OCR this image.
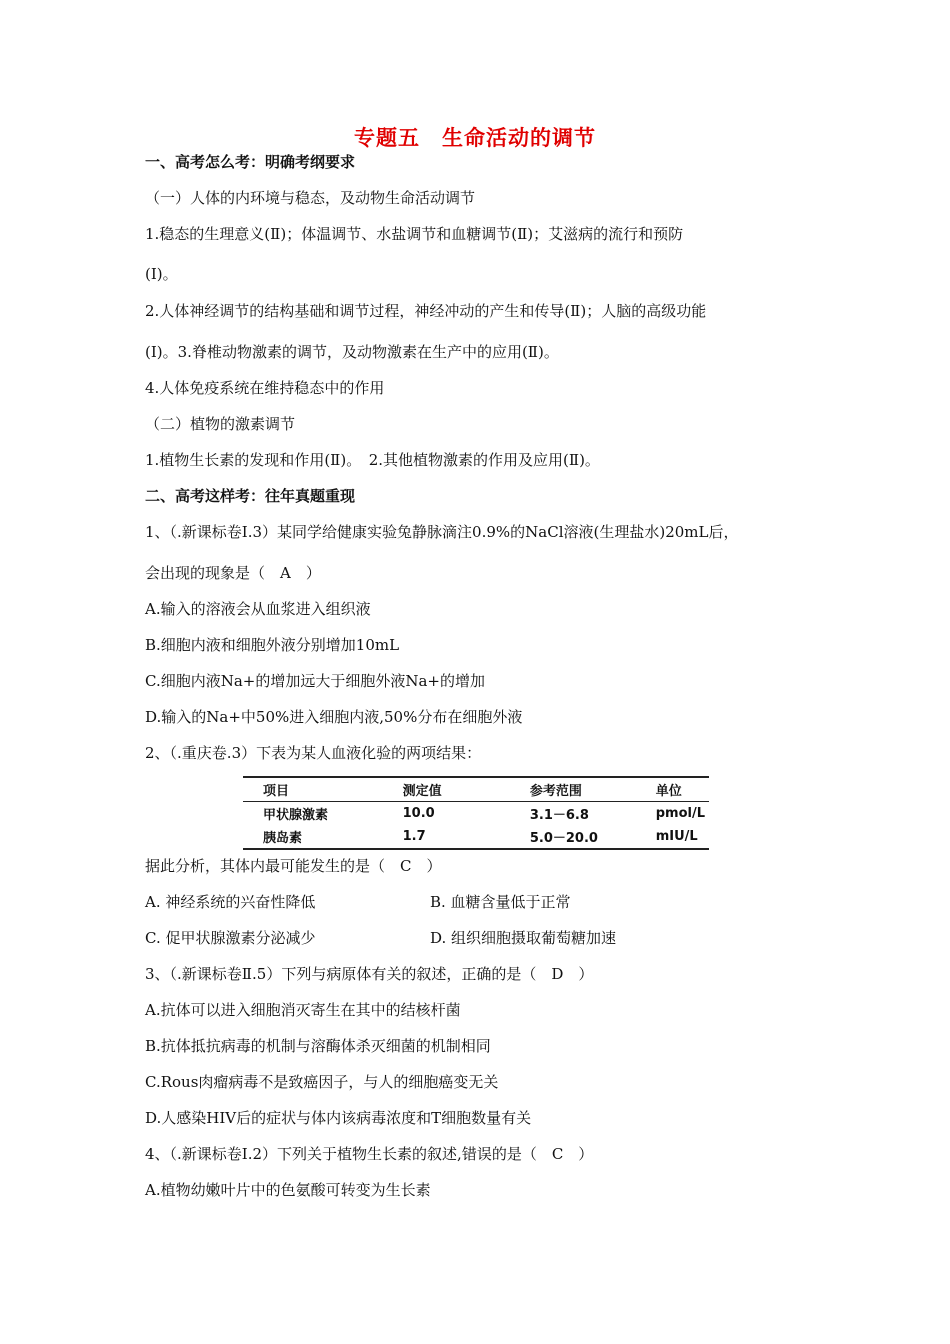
专题五　生命活动的调节
一、高考怎么考：明确考纲要求
（一）人体的内环境与稳态，及动物生命活动调节
1.稳态的生理意义(Ⅱ)；体温调节、水盐调节和血糖调节(Ⅱ)；艾滋病的流行和预防
(Ⅰ)。
2.人体神经调节的结构基础和调节过程，神经冲动的产生和传导(Ⅱ)；人脑的高级功能
(Ⅰ)。3.脊椎动物激素的调节，及动物激素在生产中的应用(Ⅱ)。
4.人体免疫系统在维持稳态中的作用
（二）植物的激素调节
1.植物生长素的发现和作用(Ⅱ)。　2.其他植物激素的作用及应用(Ⅱ)。
二、高考这样考：往年真题重现
1、（.新课标卷Ⅰ.3）某同学给健康实验兔静脉滴注0.9%的NaCl溶液(生理盐水)20mL后，
会出现的现象是（　A　）
A.输入的溶液会从血浆进入组织液
B.细胞内液和细胞外液分别增加10mL
C.细胞内液Na+的增加远大于细胞外液Na+的增加
D.输入的Na+中50%进入细胞内液,50%分布在细胞外液
2、（.重庆卷.3）下表为某人血液化验的两项结果：
项目	测定值	参考范围	单位
甲状腺激素	10.0	3.1－6.8	pmol/L
胰岛素	1.7	5.0－20.0	mIU/L
据此分析，其体内最可能发生的是（　C　）
A. 神经系统的兴奋性降低	B. 血糖含量低于正常
C. 促甲状腺激素分泌减少	D. 组织细胞摄取葡萄糖加速
3、（.新课标卷Ⅱ.5）下列与病原体有关的叙述，正确的是（　D　）
A.抗体可以进入细胞消灭寄生在其中的结核杆菌
B.抗体抵抗病毒的机制与溶酶体杀灭细菌的机制相同
C.Rous肉瘤病毒不是致癌因子，与人的细胞癌变无关
D.人感染HIV后的症状与体内该病毒浓度和T细胞数量有关
4、（.新课标卷Ⅰ.2）下列关于植物生长素的叙述,错误的是（　C　）
A.植物幼嫩叶片中的色氨酸可转变为生长素
